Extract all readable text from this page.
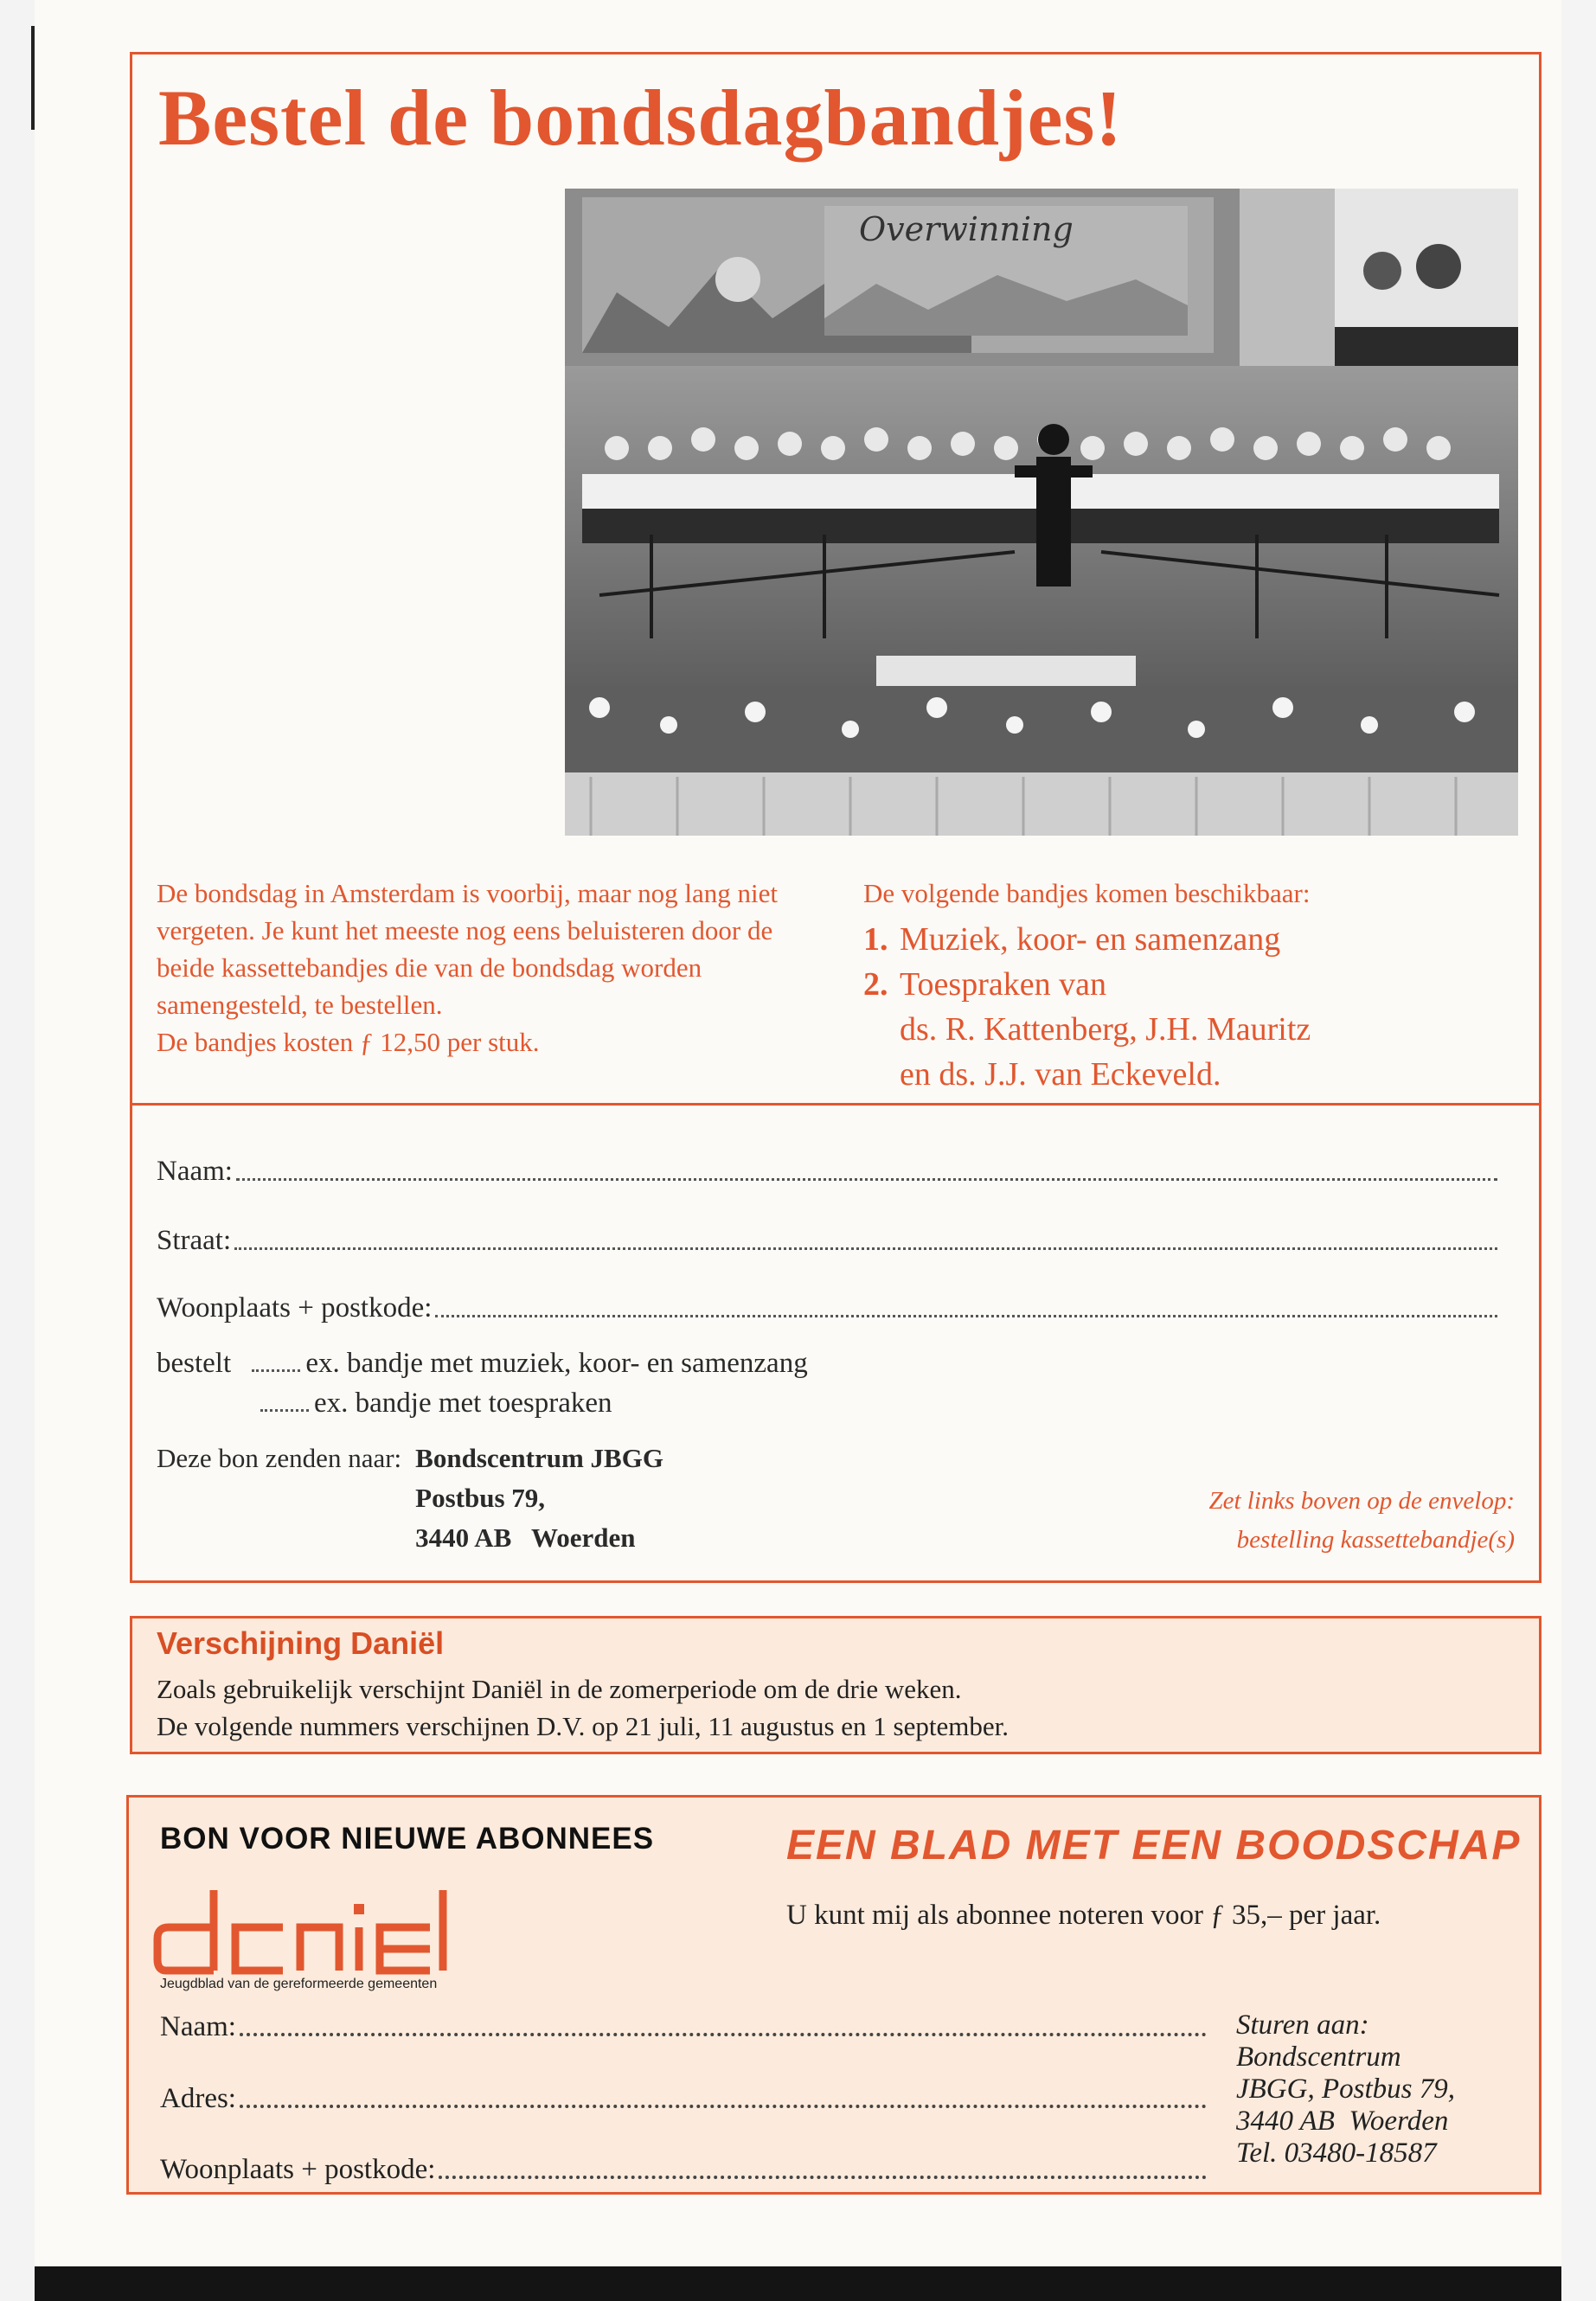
Bestel de bondsdagbandjes!
Overwinning

De bondsdag in Amsterdam is voorbij, maar nog lang niet vergeten. Je kunt het meeste nog eens beluisteren door de beide kassettebandjes die van de bondsdag worden samengesteld, te bestellen.

De bandjes kosten ƒ 12,50 per stuk.

De volgende bandjes komen beschikbaar:

1. Muziek, koor- en samenzang
2. Toespraken van
ds. R. Kattenberg, J.H. Mauritz
en ds. J.J. van Eckeveld.
Naam:
Straat:
Woonplaats + postkode:
bestelt	ex. bandje met muziek, koor- en samenzang
ex. bandje met toespraken
Deze bon zenden naar: Bondscentrum JBGG
Postbus 79,
3440 AB   Woerden
Zet links boven op de envelop:
bestelling kassettebandje(s)
Verschijning Daniël

Zoals gebruikelijk verschijnt Daniël in de zomerperiode om de drie weken.

De volgende nummers verschijnen D.V. op 21 juli, 11 augustus en 1 september.

BON VOOR NIEUWE ABONNEES	EEN BLAD MET EEN BOODSCHAP
Jeugdblad van de gereformeerde gemeenten
U kunt mij als abonnee noteren voor ƒ 35,– per jaar.
Naam:
Adres:
Woonplaats + postkode:

Sturen aan:

Bondscentrum

JBGG, Postbus 79,

3440 AB  Woerden

Tel. 03480-18587
